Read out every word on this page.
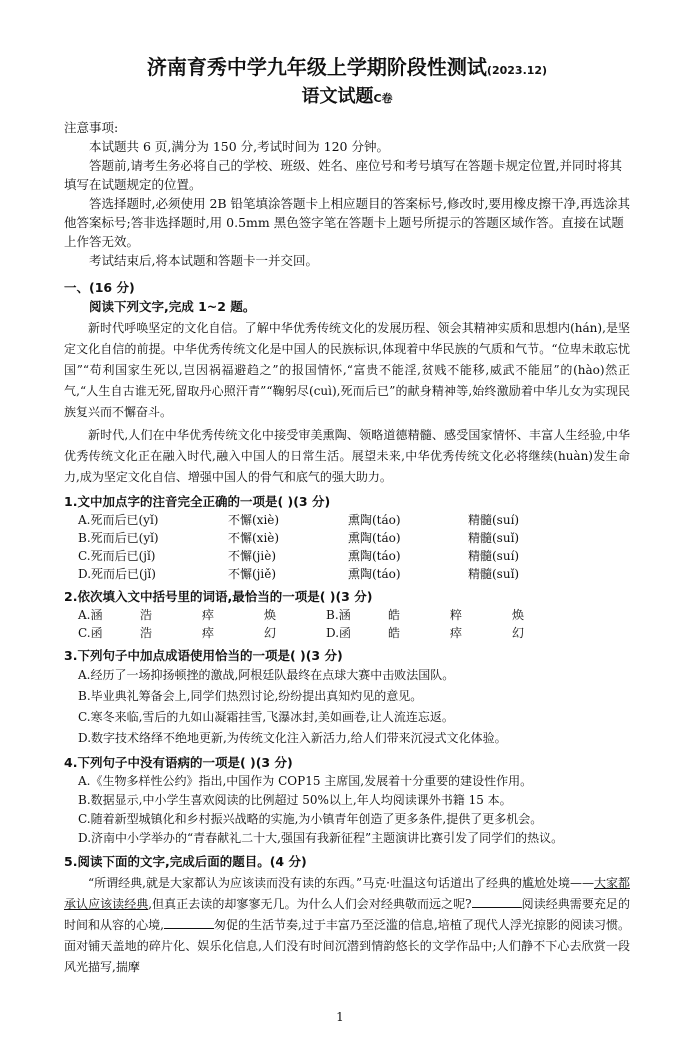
济南育秀中学九年级上学期阶段性测试(2023.12)
语文试题C卷

注意事项:

本试题共 6 页,满分为 150 分,考试时间为 120 分钟。

答题前,请考生务必将自己的学校、班级、姓名、座位号和考号填写在答题卡规定位置,并同时将其填写在试题规定的位置。

答选择题时,必须使用 2B 铅笔填涂答题卡上相应题目的答案标号,修改时,要用橡皮擦干净,再选涂其他答案标号;答非选择题时,用 0.5mm 黑色签字笔在答题卡上题号所提示的答题区域作答。直接在试题上作答无效。

考试结束后,将本试题和答题卡一并交回。

一、(16 分)

阅读下列文字,完成 1~2 题。

新时代呼唤坚定的文化自信。了解中华优秀传统文化的发展历程、领会其精神实质和思想内(hán),是坚定文化自信的前提。中华优秀传统文化是中国人的民族标识,体现着中华民族的气质和气节。“位卑未敢忘忧国”“苟利国家生死以,岂因祸福避趋之”的报国情怀,“富贵不能淫,贫贱不能移,威武不能屈”的(hào)然正气,“人生自古谁无死,留取丹心照汗青”“鞠躬尽(cuì),死而后已”的献身精神等,始终激励着中华儿女为实现民族复兴而不懈奋斗。

新时代,人们在中华优秀传统文化中接受审美熏陶、领略道德精髓、感受国家情怀、丰富人生经验,中华优秀传统文化正在融入时代,融入中国人的日常生活。展望未来,中华优秀传统文化必将继续(huàn)发生命力,成为坚定文化自信、增强中国人的骨气和底气的强大助力。

1.文中加点字的注音完全正确的一项是( )(3 分)

A.死而后已(yǐ)	不懈(xiè)	熏陶(táo)	精髓(suí)
B.死而后已(yǐ)	不懈(xiè)	熏陶(táo)	精髓(suǐ)
C.死而后已(jǐ)	不懈(jiè)	熏陶(táo)	精髓(suí)
D.死而后已(jǐ)	不懈(jiě)	熏陶(táo)	精髓(suǐ)

2.依次填入文中括号里的词语,最恰当的一项是( )(3 分)

A.涵	浩	瘁	焕	B.涵	皓	粹	焕
C.函	浩	瘁	幻	D.函	皓	瘁	幻

3.下列句子中加点成语使用恰当的一项是( )(3 分)

A.经历了一场抑扬顿挫的激战,阿根廷队最终在点球大赛中击败法国队。

B.毕业典礼筹备会上,同学们热烈讨论,纷纷提出真知灼见的意见。

C.寒冬来临,雪后的九如山凝霜挂雪,飞瀑冰封,美如画卷,让人流连忘返。

D.数字技术络绎不绝地更新,为传统文化注入新活力,给人们带来沉浸式文化体验。

4.下列句子中没有语病的一项是( )(3 分)

A.《生物多样性公约》指出,中国作为 COP15 主席国,发展着十分重要的建设性作用。

B.数据显示,中小学生喜欢阅读的比例超过 50%以上,年人均阅读课外书籍 15 本。

C.随着新型城镇化和乡村振兴战略的实施,为小镇青年创造了更多条件,提供了更多机会。

D.济南中小学举办的“青春献礼二十大,强国有我新征程”主题演讲比赛引发了同学们的热议。

5.阅读下面的文字,完成后面的题目。(4 分)

“所谓经典,就是大家都认为应该读而没有读的东西。”马克·吐温这句话道出了经典的尴尬处境——大家都承认应该读经典,但真正去读的却寥寥无几。为什么人们会对经典敬而远之呢?	阅读经典需要充足的时间和从容的心境,	匆促的生活节奏,过于丰富乃至泛滥的信息,培植了现代人浮光掠影的阅读习惯。面对铺天盖地的碎片化、娱乐化信息,人们没有时间沉潜到情韵悠长的文学作品中;人们静不下心去欣赏一段风光描写,揣摩

1
